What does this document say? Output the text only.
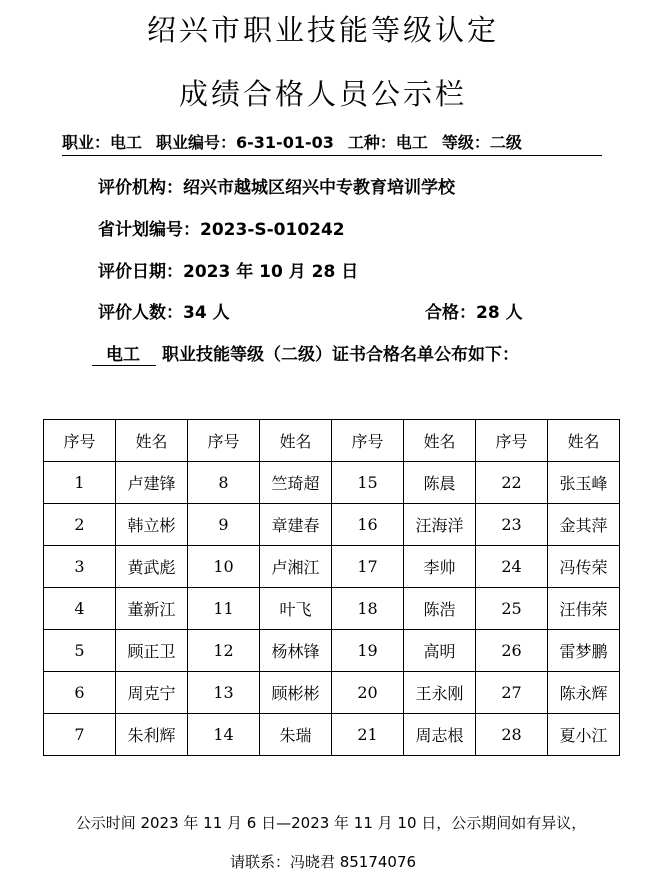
绍兴市职业技能等级认定
成绩合格人员公示栏
职业：电工 职业编号：6-31-01-03 工种：电工 等级：二级
评价机构：绍兴市越城区绍兴中专教育培训学校
省计划编号：2023-S-010242
评价日期：2023 年 10 月 28 日
评价人数：34 人	合格：28 人
电工 职业技能等级（二级）证书合格名单公布如下：
序号	姓名	序号	姓名	序号	姓名	序号	姓名
1	卢建锋	8	竺琦超	15	陈晨	22	张玉峰
2	韩立彬	9	章建春	16	汪海洋	23	金其萍
3	黄武彪	10	卢湘江	17	李帅	24	冯传荣
4	董新江	11	叶飞	18	陈浩	25	汪伟荣
5	顾正卫	12	杨林锋	19	高明	26	雷梦鹏
6	周克宁	13	顾彬彬	20	王永刚	27	陈永辉
7	朱利辉	14	朱瑞	21	周志根	28	夏小江
公示时间 2023 年 11 月 6 日—2023 年 11 月 10 日，公示期间如有异议，
请联系：冯晓君 85174076
